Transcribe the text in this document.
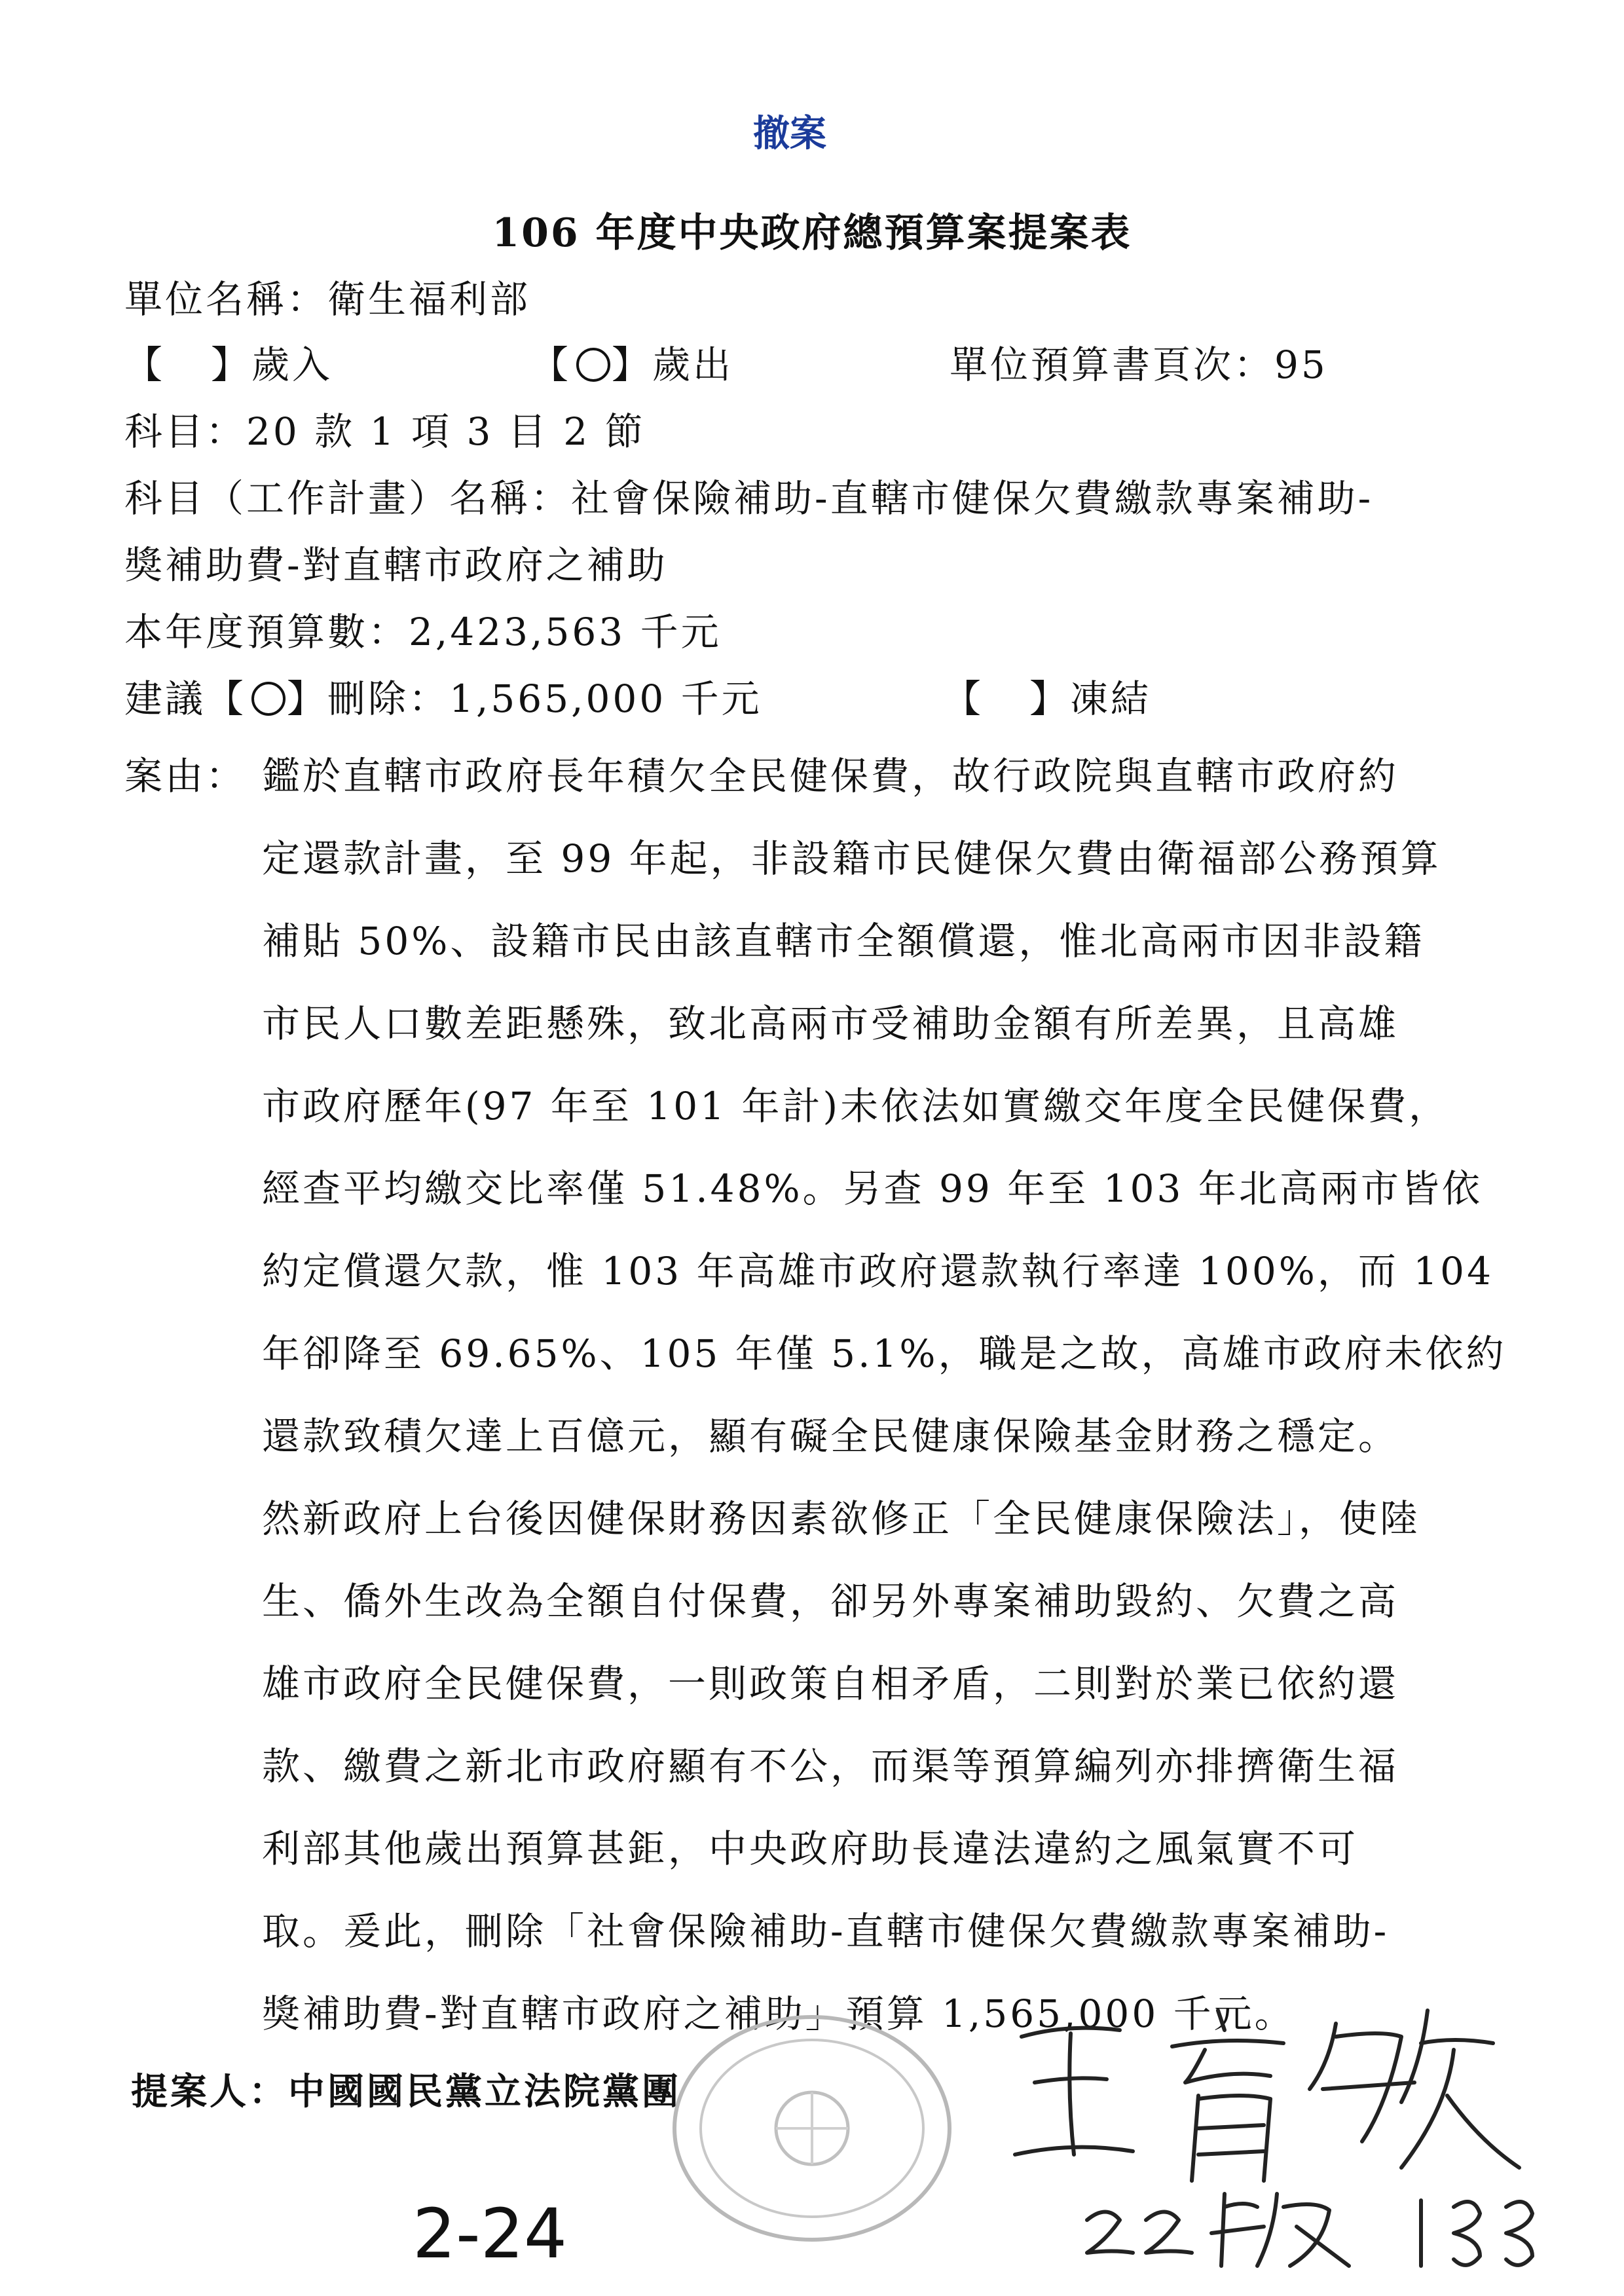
撤案
106 年度中央政府總預算案提案表
單位名稱：衛生福利部
【 】歲入	【 】歲出	單位預算書頁次：95
科目：20 款 1 項 3 目 2 節
科目（工作計畫）名稱：社會保險補助-直轄市健保欠費繳款專案補助-
獎補助費-對直轄市政府之補助
本年度預算數：2,423,563 千元
建議【 】刪除：1,565,000 千元	【 】凍結
案由： 鑑於直轄市政府長年積欠全民健保費，故行政院與直轄市政府約
定還款計畫，至 99 年起，非設籍市民健保欠費由衛福部公務預算
補貼 50%、設籍市民由該直轄市全額償還，惟北高兩市因非設籍
市民人口數差距懸殊，致北高兩市受補助金額有所差異，且高雄
市政府歷年(97 年至 101 年計)未依法如實繳交年度全民健保費，
經查平均繳交比率僅 51.48%。另查 99 年至 103 年北高兩市皆依
約定償還欠款，惟 103 年高雄市政府還款執行率達 100%，而 104
年卻降至 69.65%、105 年僅 5.1%，職是之故，高雄市政府未依約
還款致積欠達上百億元，顯有礙全民健康保險基金財務之穩定。
然新政府上台後因健保財務因素欲修正「全民健康保險法」，使陸
生、僑外生改為全額自付保費，卻另外專案補助毀約、欠費之高
雄市政府全民健保費，一則政策自相矛盾，二則對於業已依約還
款、繳費之新北市政府顯有不公，而渠等預算編列亦排擠衛生福
利部其他歲出預算甚鉅，中央政府助長違法違約之風氣實不可
取。爰此，刪除「社會保險補助-直轄市健保欠費繳款專案補助-
獎補助費-對直轄市政府之補助」預算 1,565,000 千元。
提案人：中國國民黨立法院黨團
2-24
